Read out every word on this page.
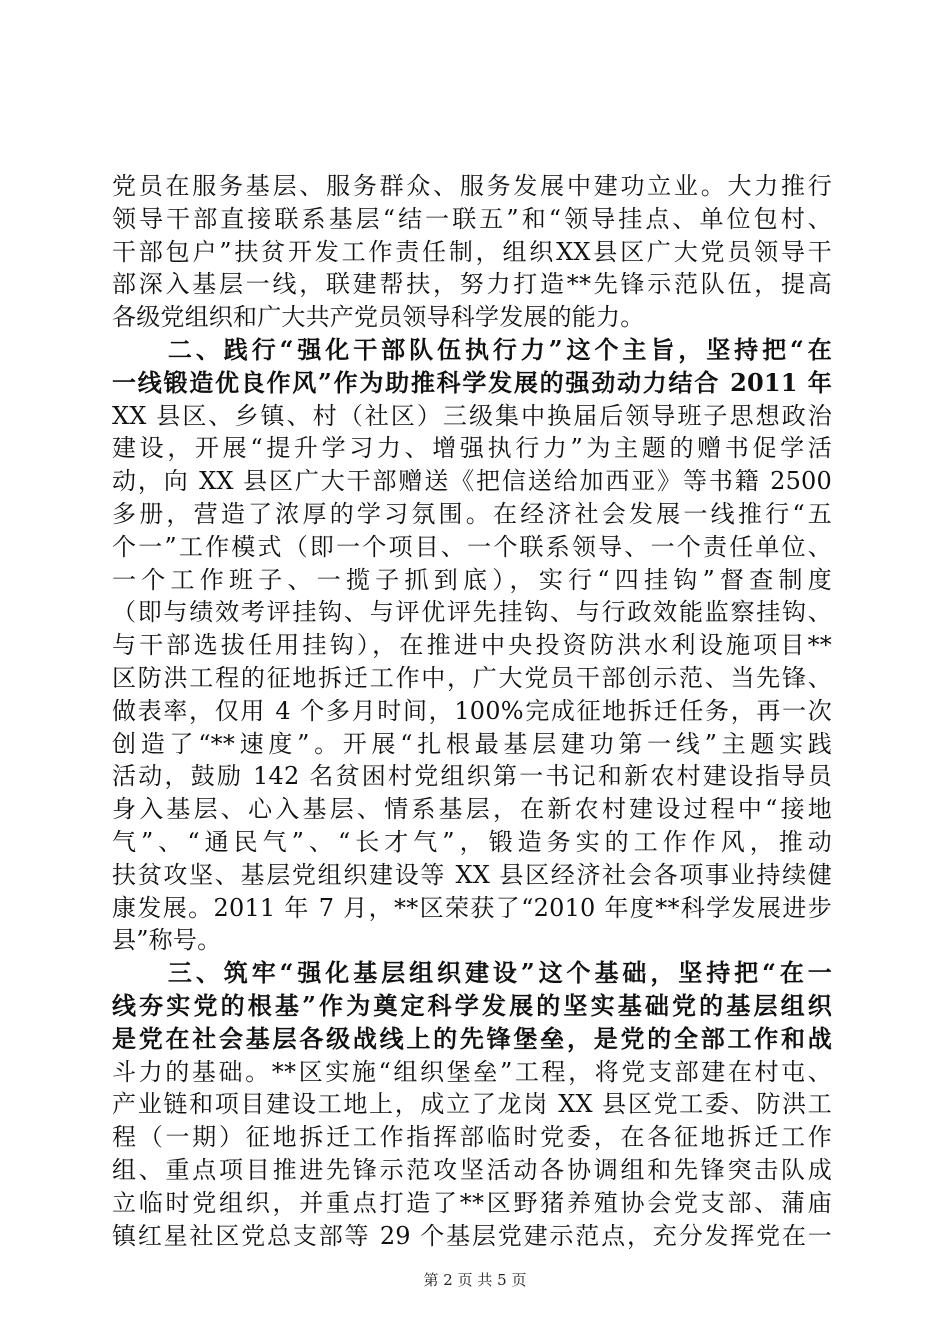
党员在服务基层、服务群众、服务发展中建功立业。大力推行
领导干部直接联系基层“结一联五”和“领导挂点、单位包村、
干部包户”扶贫开发工作责任制，组织XX县区广大党员领导干
部深入基层一线，联建帮扶，努力打造**先锋示范队伍，提高
各级党组织和广大共产党员领导科学发展的能力。
　　二、践行“强化干部队伍执行力”这个主旨，坚持把“在
一线锻造优良作风”作为助推科学发展的强劲动力结合 2011 年
XX 县区、乡镇、村（社区）三级集中换届后领导班子思想政治
建设，开展“提升学习力、增强执行力”为主题的赠书促学活
动，向 XX 县区广大干部赠送《把信送给加西亚》等书籍 2500
多册，营造了浓厚的学习氛围。在经济社会发展一线推行“五
个一”工作模式（即一个项目、一个联系领导、一个责任单位、
一个工作班子、一揽子抓到底），实行“四挂钩”督查制度
（即与绩效考评挂钩、与评优评先挂钩、与行政效能监察挂钩、
与干部选拔任用挂钩），在推进中央投资防洪水利设施项目**
区防洪工程的征地拆迁工作中，广大党员干部创示范、当先锋、
做表率，仅用 4 个多月时间，100%完成征地拆迁任务，再一次
创造了“**速度”。开展“扎根最基层建功第一线”主题实践
活动，鼓励 142 名贫困村党组织第一书记和新农村建设指导员
身入基层、心入基层、情系基层，在新农村建设过程中“接地
气”、“通民气”、“长才气”，锻造务实的工作作风，推动
扶贫攻坚、基层党组织建设等 XX 县区经济社会各项事业持续健
康发展。2011 年 7 月，**区荣获了“2010 年度**科学发展进步
县”称号。
　　三、筑牢“强化基层组织建设”这个基础，坚持把“在一
线夯实党的根基”作为奠定科学发展的坚实基础党的基层组织
是党在社会基层各级战线上的先锋堡垒，是党的全部工作和战
斗力的基础。**区实施“组织堡垒”工程，将党支部建在村屯、
产业链和项目建设工地上，成立了龙岗 XX 县区党工委、防洪工
程（一期）征地拆迁工作指挥部临时党委，在各征地拆迁工作
组、重点项目推进先锋示范攻坚活动各协调组和先锋突击队成
立临时党组织，并重点打造了**区野猪养殖协会党支部、蒲庙
镇红星社区党总支部等 29 个基层党建示范点，充分发挥党在一
第 2 页 共 5 页
